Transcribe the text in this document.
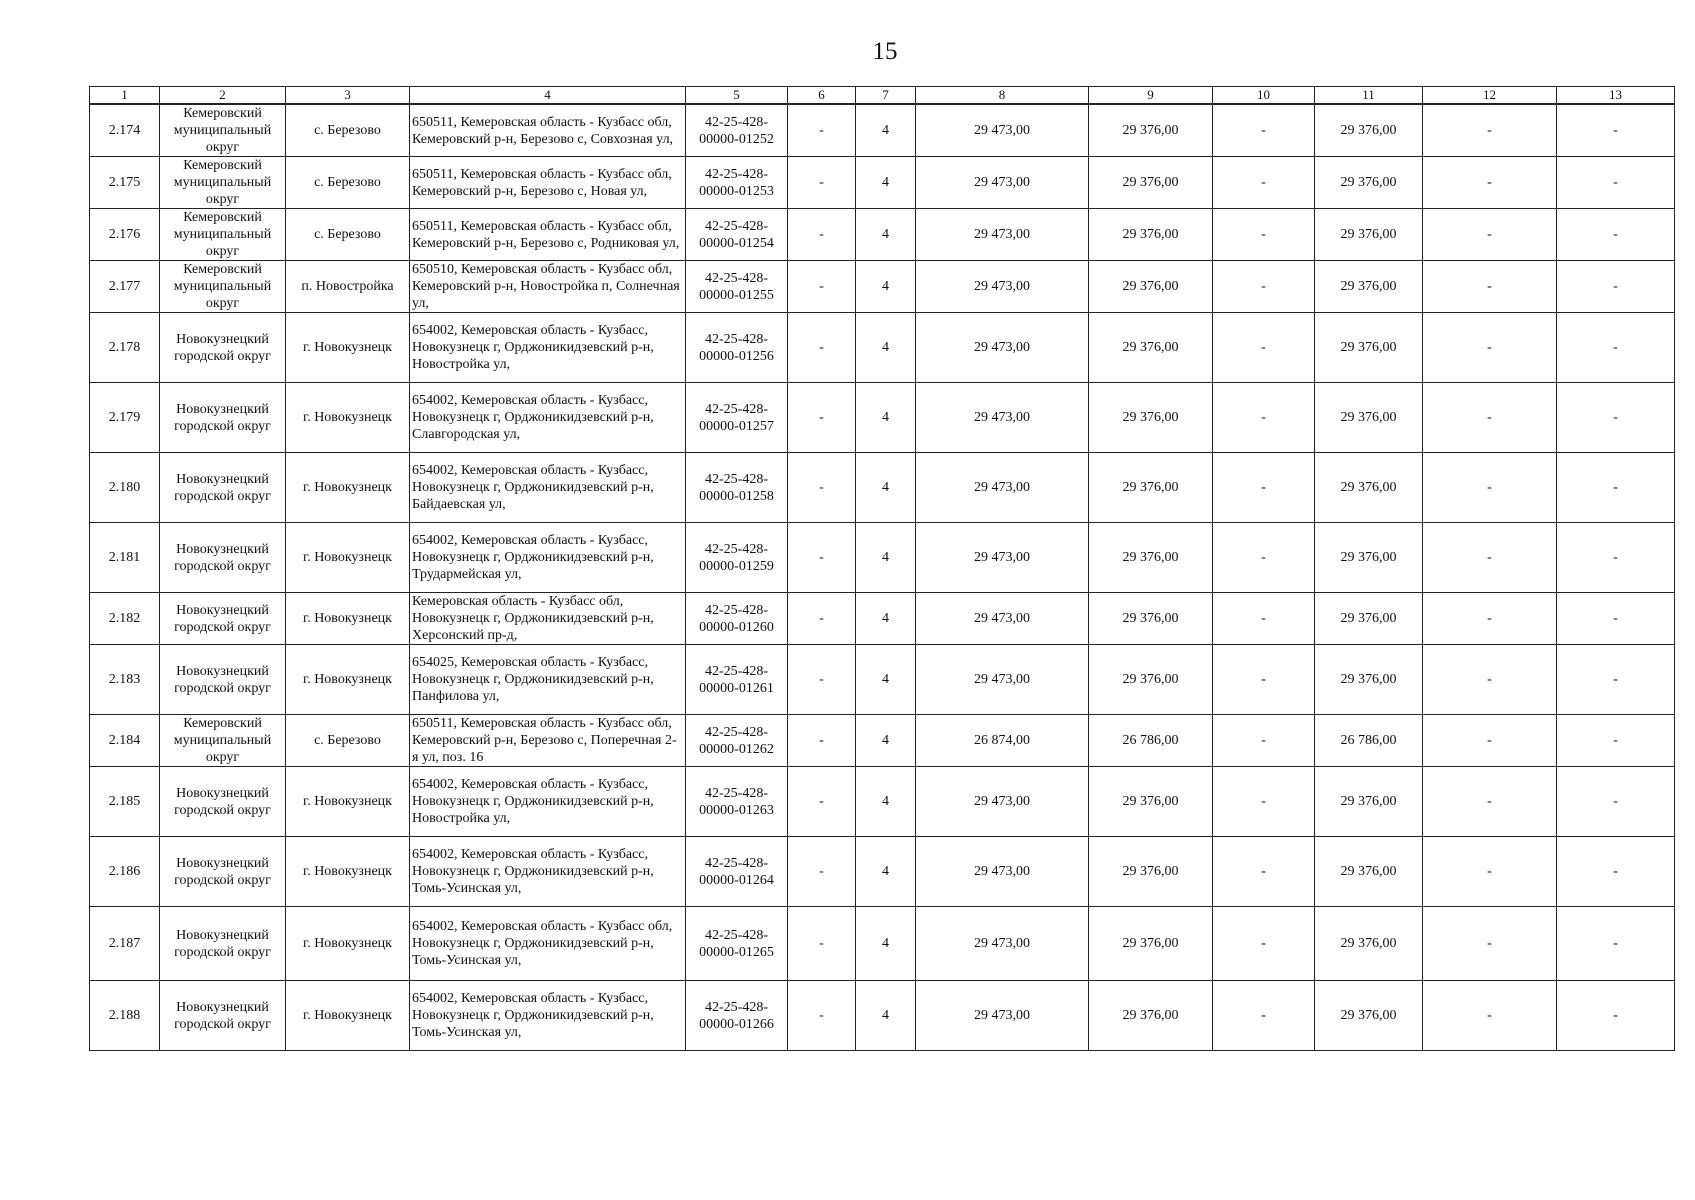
15
1	2	3	4	5	6	7	8	9	10	11	12	13
2.174	Кемеровский муниципальный округ	с. Березово	650511, Кемеровская область - Кузбасс обл, Кемеровский р-н, Березово с, Совхозная ул,	42-25-428-00000-01252	-	4	29 473,00	29 376,00	-	29 376,00	-	-
2.175	Кемеровский муниципальный округ	с. Березово	650511, Кемеровская область - Кузбасс обл, Кемеровский р-н, Березово с, Новая ул,	42-25-428-00000-01253	-	4	29 473,00	29 376,00	-	29 376,00	-	-
2.176	Кемеровский муниципальный округ	с. Березово	650511, Кемеровская область - Кузбасс обл, Кемеровский р-н, Березово с, Родниковая ул,	42-25-428-00000-01254	-	4	29 473,00	29 376,00	-	29 376,00	-	-
2.177	Кемеровский муниципальный округ	п. Новостройка	650510, Кемеровская область - Кузбасс обл, Кемеровский р-н, Новостройка п, Солнечная ул,	42-25-428-00000-01255	-	4	29 473,00	29 376,00	-	29 376,00	-	-
2.178	Новокузнецкий городской округ	г. Новокузнецк	654002, Кемеровская область - Кузбасс, Новокузнецк г, Орджоникидзевский р-н, Новостройка ул,	42-25-428-00000-01256	-	4	29 473,00	29 376,00	-	29 376,00	-	-
2.179	Новокузнецкий городской округ	г. Новокузнецк	654002, Кемеровская область - Кузбасс, Новокузнецк г, Орджоникидзевский р-н, Славгородская ул,	42-25-428-00000-01257	-	4	29 473,00	29 376,00	-	29 376,00	-	-
2.180	Новокузнецкий городской округ	г. Новокузнецк	654002, Кемеровская область - Кузбасс, Новокузнецк г, Орджоникидзевский р-н, Байдаевская ул,	42-25-428-00000-01258	-	4	29 473,00	29 376,00	-	29 376,00	-	-
2.181	Новокузнецкий городской округ	г. Новокузнецк	654002, Кемеровская область - Кузбасс, Новокузнецк г, Орджоникидзевский р-н, Трудармейская ул,	42-25-428-00000-01259	-	4	29 473,00	29 376,00	-	29 376,00	-	-
2.182	Новокузнецкий городской округ	г. Новокузнецк	Кемеровская область - Кузбасс обл, Новокузнецк г, Орджоникидзевский р-н, Херсонский пр-д,	42-25-428-00000-01260	-	4	29 473,00	29 376,00	-	29 376,00	-	-
2.183	Новокузнецкий городской округ	г. Новокузнецк	654025, Кемеровская область - Кузбасс, Новокузнецк г, Орджоникидзевский р-н, Панфилова ул,	42-25-428-00000-01261	-	4	29 473,00	29 376,00	-	29 376,00	-	-
2.184	Кемеровский муниципальный округ	с. Березово	650511, Кемеровская область - Кузбасс обл, Кемеровский р-н, Березово с, Поперечная 2-я ул, поз. 16	42-25-428-00000-01262	-	4	26 874,00	26 786,00	-	26 786,00	-	-
2.185	Новокузнецкий городской округ	г. Новокузнецк	654002, Кемеровская область - Кузбасс, Новокузнецк г, Орджоникидзевский р-н, Новостройка ул,	42-25-428-00000-01263	-	4	29 473,00	29 376,00	-	29 376,00	-	-
2.186	Новокузнецкий городской округ	г. Новокузнецк	654002, Кемеровская область - Кузбасс, Новокузнецк г, Орджоникидзевский р-н, Томь-Усинская ул,	42-25-428-00000-01264	-	4	29 473,00	29 376,00	-	29 376,00	-	-
2.187	Новокузнецкий городской округ	г. Новокузнецк	654002, Кемеровская область - Кузбасс обл, Новокузнецк г, Орджоникидзевский р-н, Томь-Усинская ул,	42-25-428-00000-01265	-	4	29 473,00	29 376,00	-	29 376,00	-	-
2.188	Новокузнецкий городской округ	г. Новокузнецк	654002, Кемеровская область - Кузбасс, Новокузнецк г, Орджоникидзевский р-н, Томь-Усинская ул,	42-25-428-00000-01266	-	4	29 473,00	29 376,00	-	29 376,00	-	-
